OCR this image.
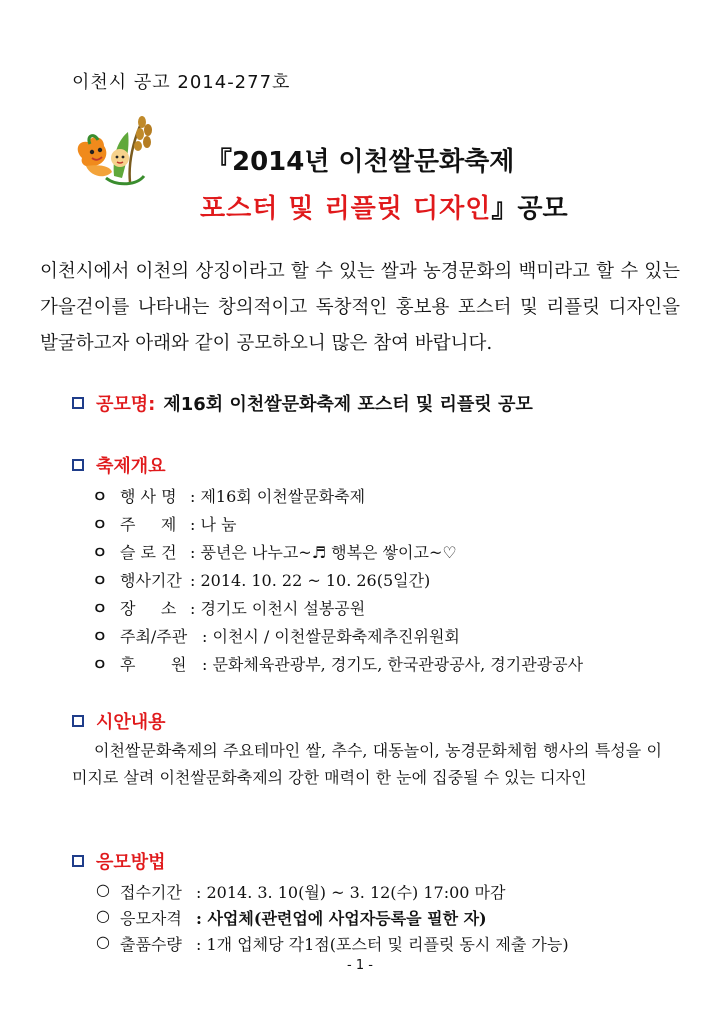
이천시 공고 2014-277호
『2014년 이천쌀문화축제
포스터 및 리플릿 디자인』공모
이천시에서 이천의 상징이라고 할 수 있는 쌀과 농경문화의 백미라고 할 수 있는 가을걷이를 나타내는 창의적이고 독창적인 홍보용 포스터 및 리플릿 디자인을 발굴하고자 아래와 같이 공모하오니 많은 참여 바랍니다.
공모명: 제16회 이천쌀문화축제 포스터 및 리플릿 공모
축제개요
ㅇ 행 사 명 : 제16회 이천쌀문화축제
ㅇ 주     제 : 나 눔
ㅇ 슬 로 건 : 풍년은 나누고~♬ 행복은 쌓이고~♡
ㅇ 행사기간 : 2014. 10. 22 ~ 10. 26(5일간)
ㅇ 장     소 : 경기도 이천시 설봉공원
ㅇ 주최/주관 : 이천시 / 이천쌀문화축제추진위원회
ㅇ 후       원 : 문화체육관광부, 경기도, 한국관광공사, 경기관광공사
시안내용
이천쌀문화축제의 주요테마인 쌀, 추수, 대동놀이, 농경문화체험 행사의 특성을 이미지로 살려 이천쌀문화축제의 강한 매력이 한 눈에 집중될 수 있는 디자인
응모방법
○ 접수기간 : 2014. 3. 10(월) ~ 3. 12(수) 17:00 마감
○ 응모자격 : 사업체(관련업에 사업자등록을 필한 자)
○ 출품수량 : 1개 업체당 각1점(포스터 및 리플릿 동시 제출 가능)
- 1 -
